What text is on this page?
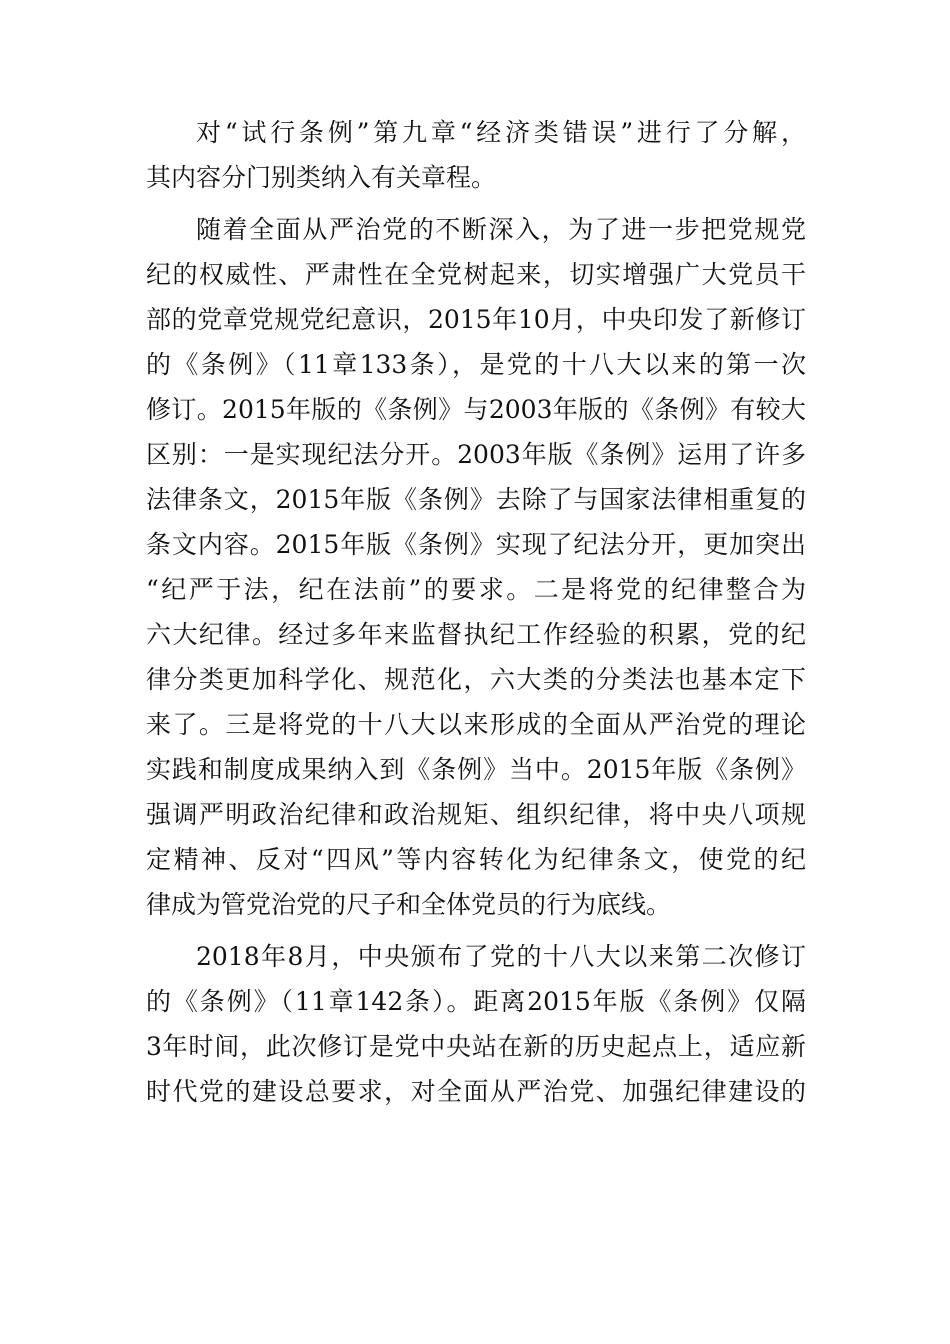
对“试行条例”第九章“经济类错误”进行了分解，
其内容分门别类纳入有关章程。
随着全面从严治党的不断深入，为了进一步把党规党
纪的权威性、严肃性在全党树起来，切实增强广大党员干
部的党章党规党纪意识，2015年10月，中央印发了新修订
的《条例》（11章133条），是党的十八大以来的第一次
修订。2015年版的《条例》与2003年版的《条例》有较大
区别：一是实现纪法分开。2003年版《条例》运用了许多
法律条文，2015年版《条例》去除了与国家法律相重复的
条文内容。2015年版《条例》实现了纪法分开，更加突出
“纪严于法，纪在法前”的要求。二是将党的纪律整合为
六大纪律。经过多年来监督执纪工作经验的积累，党的纪
律分类更加科学化、规范化，六大类的分类法也基本定下
来了。三是将党的十八大以来形成的全面从严治党的理论
实践和制度成果纳入到《条例》当中。2015年版《条例》
强调严明政治纪律和政治规矩、组织纪律，将中央八项规
定精神、反对“四风”等内容转化为纪律条文，使党的纪
律成为管党治党的尺子和全体党员的行为底线。
2018年8月，中央颁布了党的十八大以来第二次修订
的《条例》（11章142条）。距离2015年版《条例》仅隔
3年时间，此次修订是党中央站在新的历史起点上，适应新
时代党的建设总要求，对全面从严治党、加强纪律建设的
